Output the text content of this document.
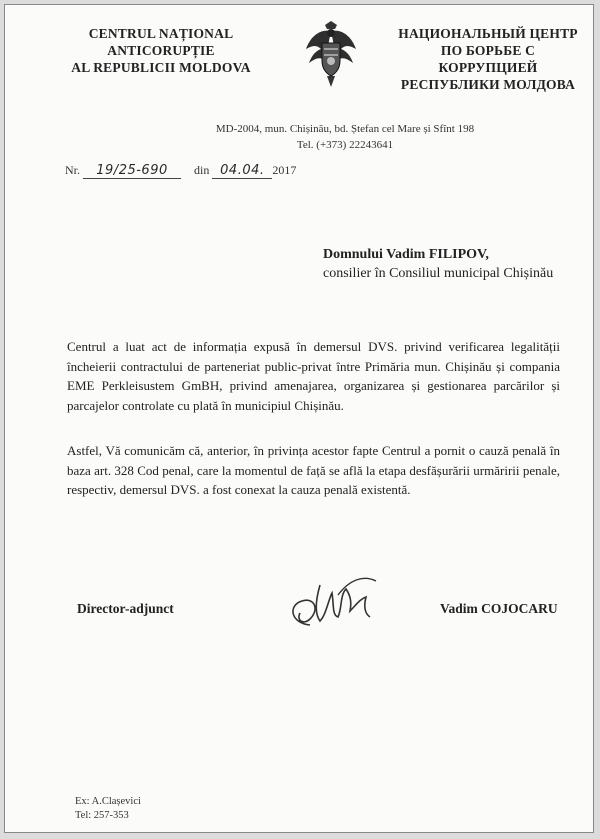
CENTRUL NAȚIONAL
ANTICORUPȚIE
AL REPUBLICII MOLDOVA
НАЦИОНАЛЬНЫЙ ЦЕНТР
ПО БОРЬБЕ С КОРРУПЦИЕЙ
РЕСПУБЛИКИ МОЛДОВА
MD-2004, mun. Chișinău, bd. Ștefan cel Mare și Sfînt 198
Tel. (+373) 22243641
Nr. 19/25-690 din 04.04. 2017
Domnului Vadim FILIPOV,
consilier în Consiliul municipal Chișinău
Centrul a luat act de informația expusă în demersul DVS. privind verificarea legalității încheierii contractului de parteneriat public-privat între Primăria mun. Chișinău și compania EME Perkleisustem GmBH, privind amenajarea, organizarea și gestionarea parcărilor și parcajelor controlate cu plată în municipiul Chișinău.
Astfel, Vă comunicăm că, anterior, în privința acestor fapte Centrul a pornit o cauză penală în baza art. 328 Cod penal, care la momentul de față se află la etapa desfășurării urmăririi penale, respectiv, demersul DVS. a fost conexat la cauza penală existentă.
Director-adjunct	Vadim COJOCARU
Ex: A.Clașevici
Tel: 257-353
